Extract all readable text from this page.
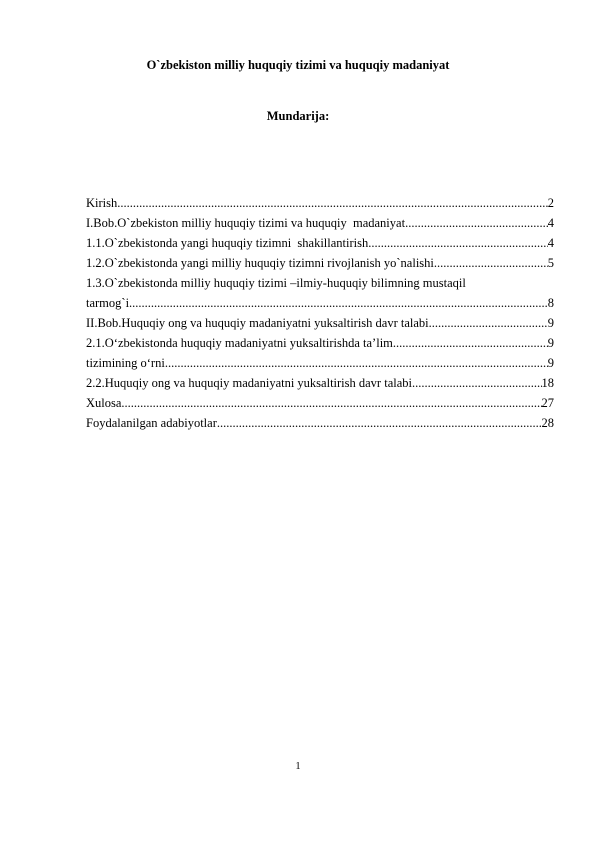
O`zbekiston milliy huquqiy tizimi va huquqiy madaniyat
Mundarija:
Kirish .....	2
I.Bob.O`zbekiston milliy huquqiy tizimi va huquqiy  madaniyat .....	4
1.1.O`zbekistonda yangi huquqiy tizimni  shakillantirish .....	4
1.2.O`zbekistonda yangi milliy huquqiy tizimni rivojlanish yo`nalishi .....	5
1.3.O`zbekistonda milliy huquqiy tizimi –ilmiy-huquqiy bilimning mustaqil
tarmog`i .....	8
II.Bob.Huquqiy ong va huquqiy madaniyatni yuksaltirish davr talabi .....	9
2.1.O‘zbekistonda huquqiy madaniyatni yuksaltirishda ta’lim .....	9
tizimining o‘rni .....	9
2.2.Huquqiy ong va huquqiy madaniyatni yuksaltirish davr talabi .....	18
Xulosa .....	27
Foydalanilgan adabiyotlar .....	28
1
